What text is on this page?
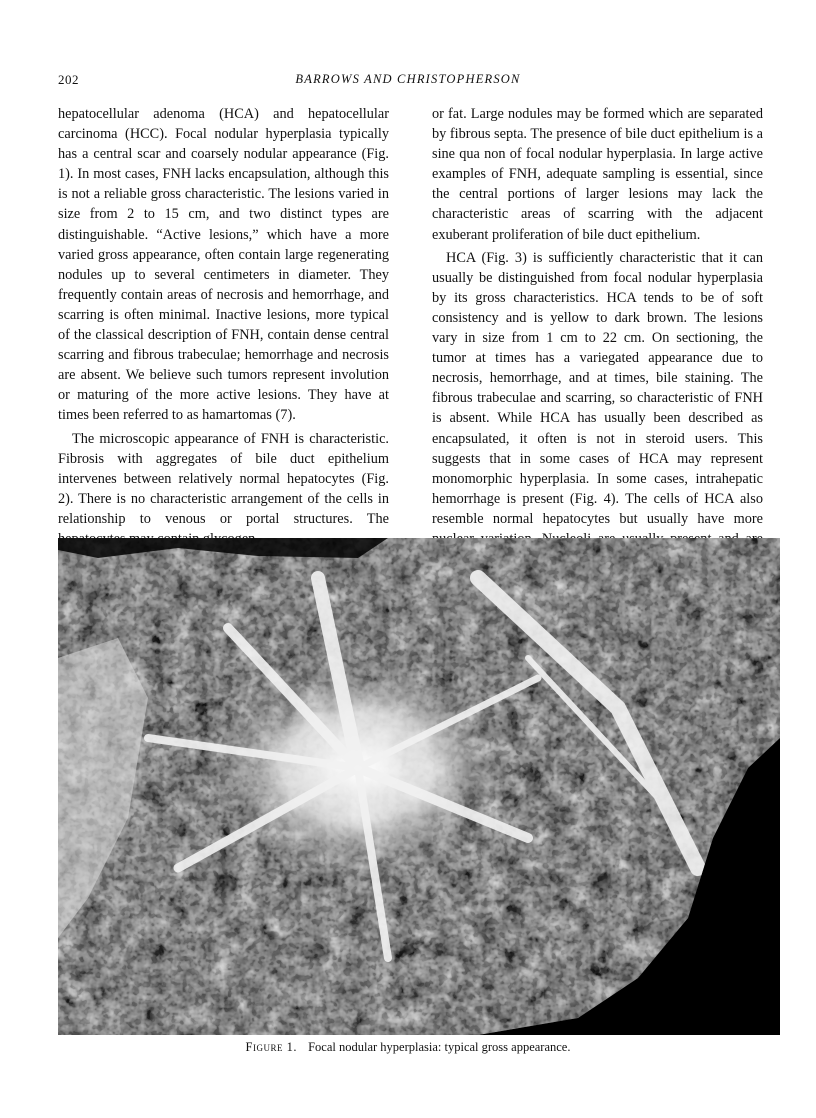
202	BARROWS AND CHRISTOPHERSON

hepatocellular adenoma (HCA) and hepatocellular carcinoma (HCC). Focal nodular hyperplasia typically has a central scar and coarsely nodular appearance (Fig. 1). In most cases, FNH lacks encapsulation, although this is not a reliable gross characteristic. The lesions varied in size from 2 to 15 cm, and two distinct types are distinguishable. “Active lesions,” which have a more varied gross appearance, often contain large regenerating nodules up to several centimeters in diameter. They frequently contain areas of necrosis and hemorrhage, and scarring is often minimal. Inactive lesions, more typical of the classical description of FNH, contain dense central scarring and fibrous trabeculae; hemorrhage and necrosis are absent. We believe such tumors represent involution or maturing of the more active lesions. They have at times been referred to as hamartomas (7).

The microscopic appearance of FNH is characteristic. Fibrosis with aggregates of bile duct epithelium intervenes between relatively normal hepatocytes (Fig. 2). There is no characteristic arrangement of the cells in relationship to venous or portal structures. The

or fat. Large nodules may be formed which are separated by fibrous septa. The presence of bile duct epithelium is a sine qua non of focal nodular hyperplasia. In large active examples of FNH, adequate sampling is essential, since the central portions of larger lesions may lack the characteristic areas of scarring with the adjacent exuberant proliferation of bile duct epithelium.

HCA (Fig. 3) is sufficiently characteristic that it can usually be distinguished from focal nodular hyperplasia by its gross characteristics. HCA tends to be of soft consistency and is yellow to dark brown. The lesions vary in size from 1 cm to 22 cm. On sectioning, the tumor at times has a variegated appearance due to necrosis, hemorrhage, and at times, bile staining. The fibrous trabeculae and scarring, so characteristic of FNH is absent. While HCA has usually been described as encapsulated, it often is not in steroid users. This suggests that in some cases of HCA may represent monomorphic hyperplasia. In some cases, intrahepatic hemorrhage is present (Fig. 4). The cells of HCA also resemble normal hepatocytes but usually have more

Figure 1. Focal nodular hyperplasia: typical gross appearance.
